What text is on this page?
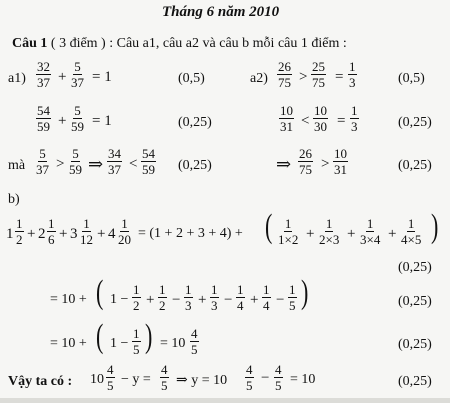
Tháng 6 năm 2010
Câu 1 ( 3 điểm ) : Câu a1, câu a2 và câu b mỗi câu 1 điểm :
$a1) \frac{32}{37} + \frac{5}{37} = 1$	(0,5)	$a2) \frac{26}{75} > \frac{25}{75} = \frac{1}{3}$	(0,5)
$\frac{54}{59} + \frac{5}{59} = 1$	(0,25)	$\frac{10}{31} < \frac{10}{30} = \frac{1}{3}$	(0,25)
mà $\frac{5}{37} > \frac{5}{59}$ ⇒ $\frac{34}{37} < \frac{54}{59} (0,25)$	⇒ $\frac{26}{75} > \frac{10}{31}$	(0,25)
b)
$1 \frac{1}{2} + 2 \frac{1}{6} + 3 \frac{1}{12} + 4 \frac{1}{20} = (1 + 2 + 3 + 4)$ + ( $\frac{1}{1\times 2} + \frac{1}{2\times 3} + \frac{1}{3\times 4} + \frac{1}{4\times 5}$ )
(0,25)
= 10 + ( $1 - \frac{1}{2} + \frac{1}{2} - \frac{1}{3} + \frac{1}{3} - \frac{1}{4} + \frac{1}{4} - \frac{1}{5}$ )	(0,25)
= 10 + ( $1 - \frac{1}{5}$ ) = $10 \frac{4}{5}$	(0,25)
Vậy ta có : $10 \frac{4}{5} - y = \frac{4}{5}$ ⇒ $y = 10 \frac{4}{5} - \frac{4}{5} = 10$	(0,25)
